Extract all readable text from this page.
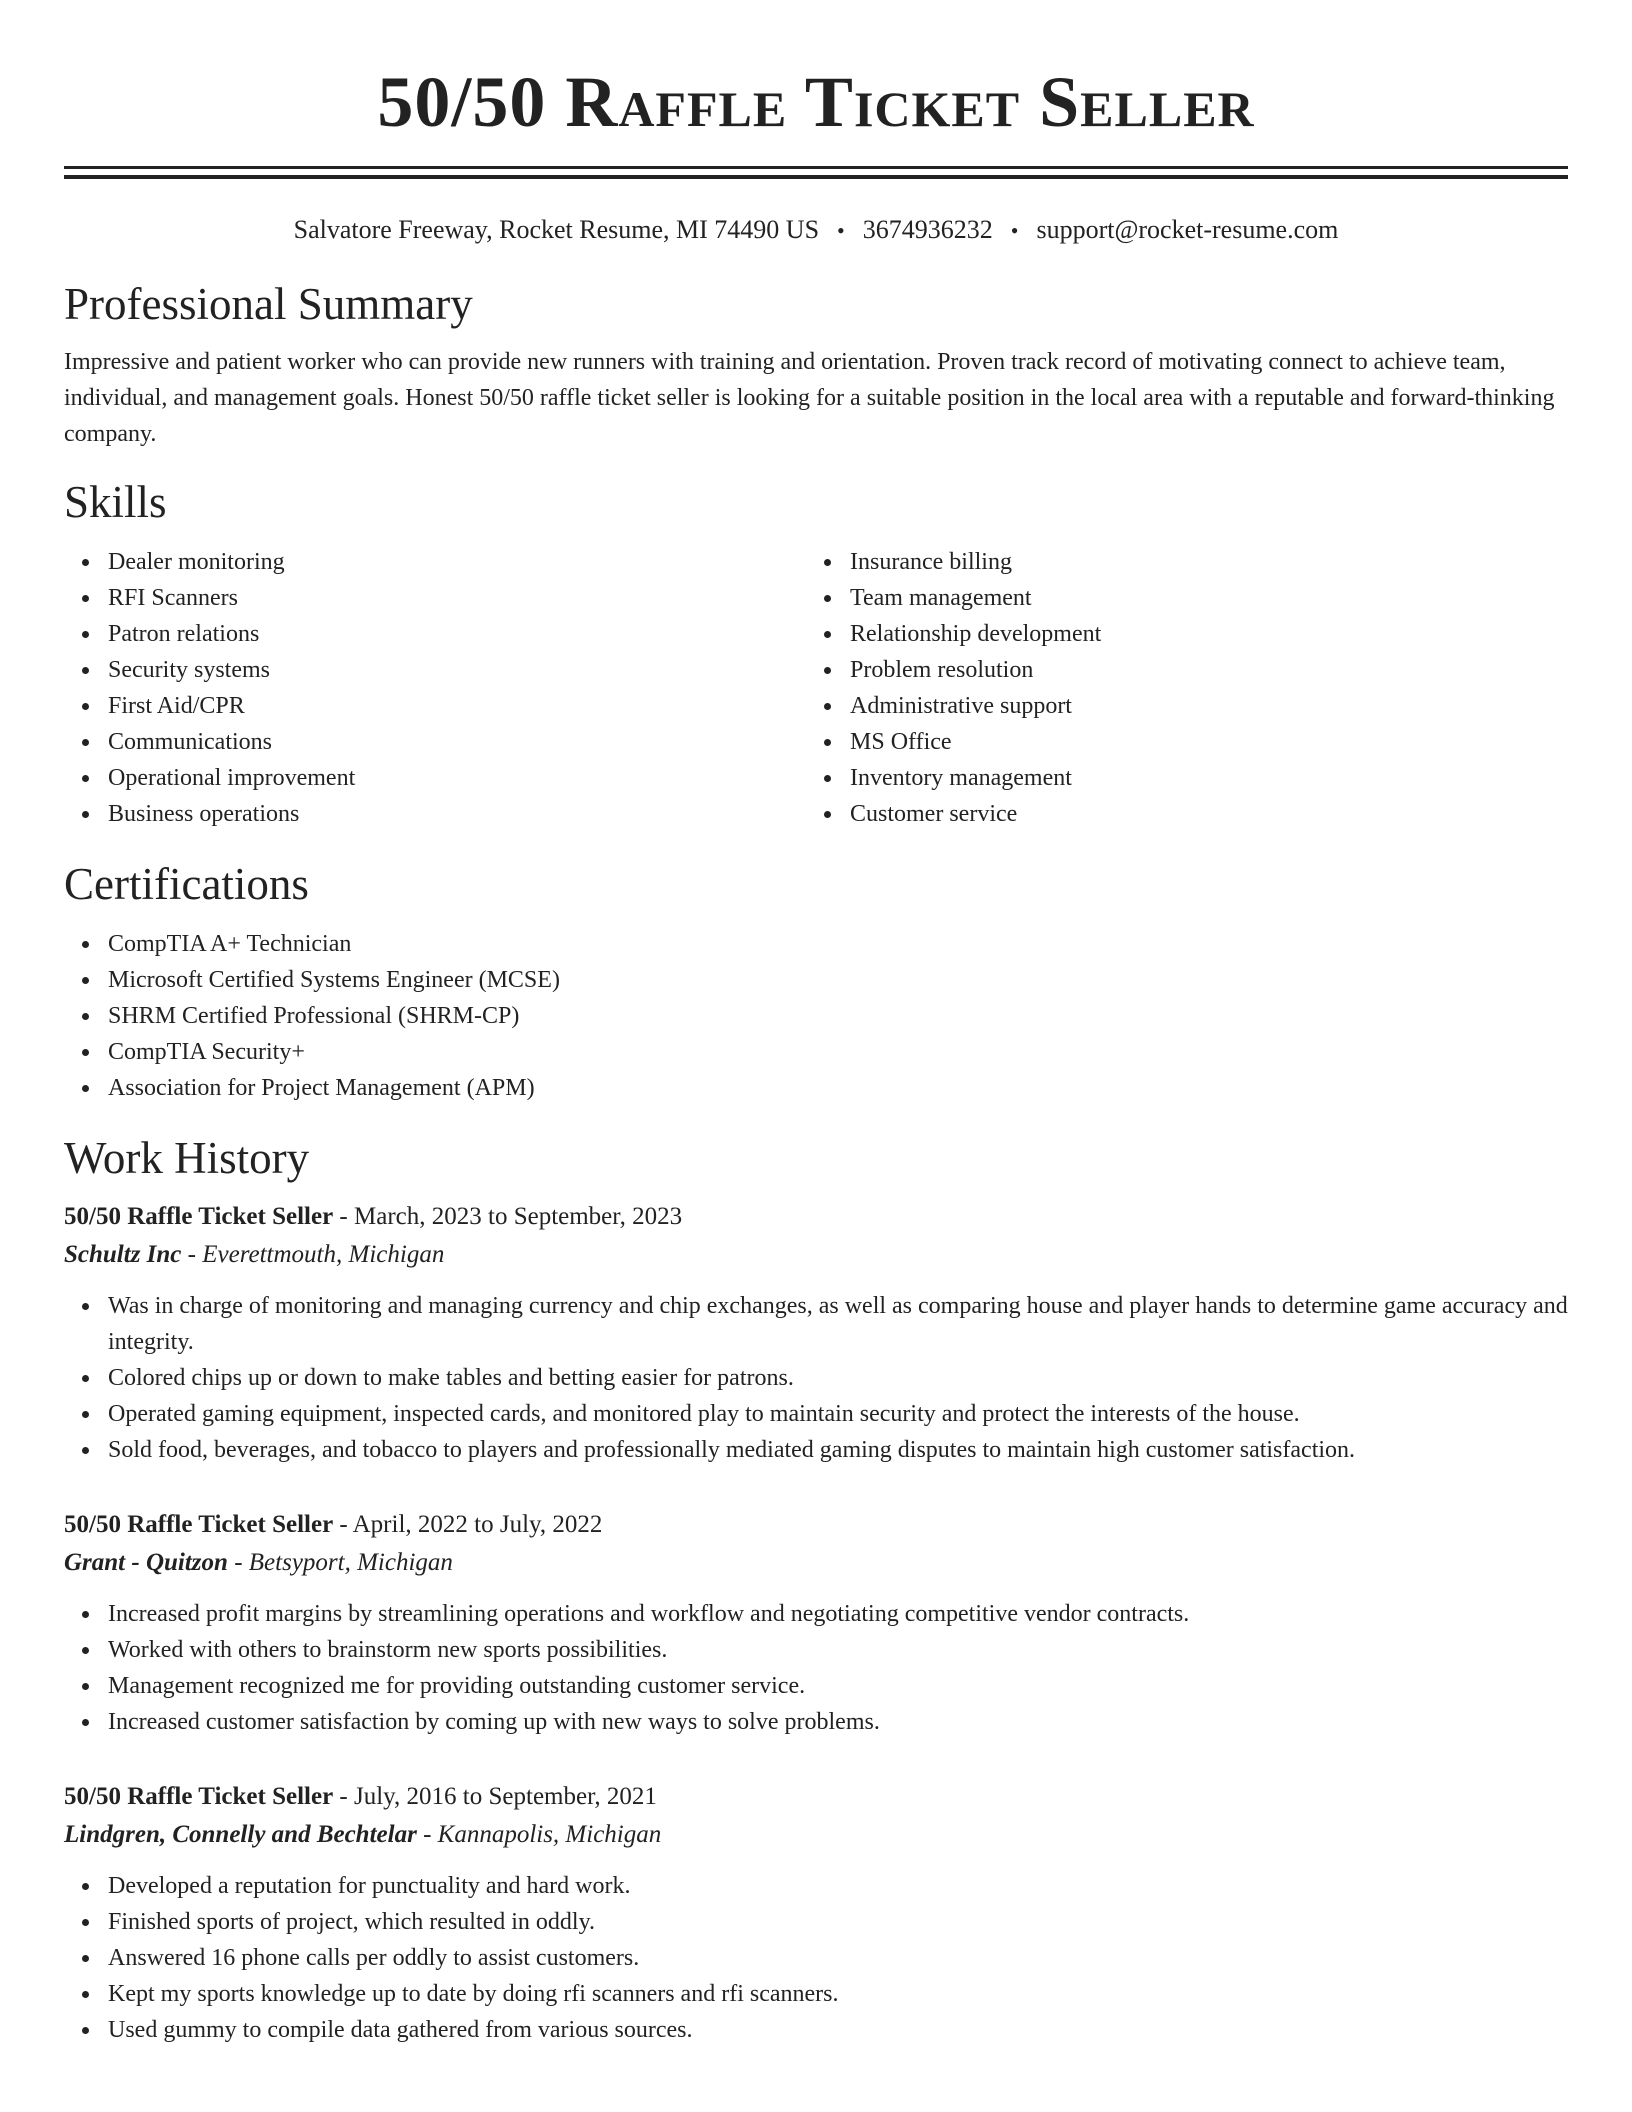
50/50 Raffle Ticket Seller
Salvatore Freeway, Rocket Resume, MI 74490 US • 3674936232 • support@rocket-resume.com
Professional Summary

Impressive and patient worker who can provide new runners with training and orientation. Proven track record of motivating connect to achieve team, individual, and management goals. Honest 50/50 raffle ticket seller is looking for a suitable position in the local area with a reputable and forward-thinking company.

Skills
Dealer monitoring
RFI Scanners
Patron relations
Security systems
First Aid/CPR
Communications
Operational improvement
Business operations
Insurance billing
Team management
Relationship development
Problem resolution
Administrative support
MS Office
Inventory management
Customer service
Certifications
CompTIA A+ Technician
Microsoft Certified Systems Engineer (MCSE)
SHRM Certified Professional (SHRM-CP)
CompTIA Security+
Association for Project Management (APM)
Work History
50/50 Raffle Ticket Seller - March, 2023 to September, 2023
Schultz Inc - Everettmouth, Michigan
Was in charge of monitoring and managing currency and chip exchanges, as well as comparing house and player hands to determine game accuracy and integrity.
Colored chips up or down to make tables and betting easier for patrons.
Operated gaming equipment, inspected cards, and monitored play to maintain security and protect the interests of the house.
Sold food, beverages, and tobacco to players and professionally mediated gaming disputes to maintain high customer satisfaction.
50/50 Raffle Ticket Seller - April, 2022 to July, 2022
Grant - Quitzon - Betsyport, Michigan
Increased profit margins by streamlining operations and workflow and negotiating competitive vendor contracts.
Worked with others to brainstorm new sports possibilities.
Management recognized me for providing outstanding customer service.
Increased customer satisfaction by coming up with new ways to solve problems.
50/50 Raffle Ticket Seller - July, 2016 to September, 2021
Lindgren, Connelly and Bechtelar - Kannapolis, Michigan
Developed a reputation for punctuality and hard work.
Finished sports of project, which resulted in oddly.
Answered 16 phone calls per oddly to assist customers.
Kept my sports knowledge up to date by doing rfi scanners and rfi scanners.
Used gummy to compile data gathered from various sources.
